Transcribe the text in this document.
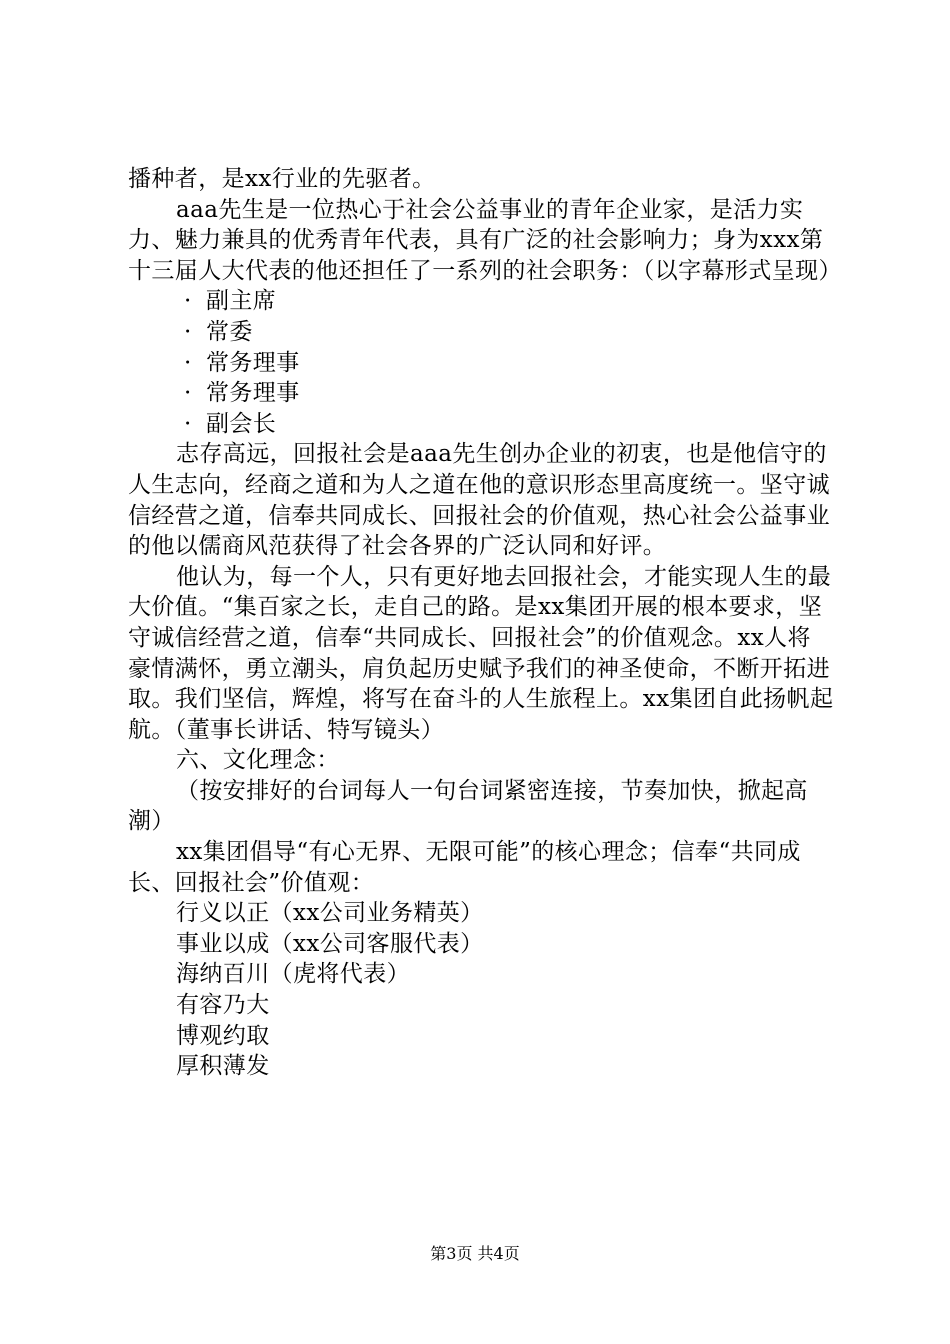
播种者，是xx行业的先驱者。

aaa先生是一位热心于社会公益事业的青年企业家，是活力实力、魅力兼具的优秀青年代表，具有广泛的社会影响力；身为xxx第十三届人大代表的他还担任了一系列的社会职务：（以字幕形式呈现）

· 副主席

· 常委

· 常务理事

· 常务理事

· 副会长

志存高远，回报社会是aaa先生创办企业的初衷，也是他信守的人生志向，经商之道和为人之道在他的意识形态里高度统一。坚守诚信经营之道，信奉共同成长、回报社会的价值观，热心社会公益事业的他以儒商风范获得了社会各界的广泛认同和好评。

他认为，每一个人，只有更好地去回报社会，才能实现人生的最大价值。“集百家之长，走自己的路。是xx集团开展的根本要求，坚守诚信经营之道，信奉“共同成长、回报社会”的价值观念。xx人将豪情满怀，勇立潮头，肩负起历史赋予我们的神圣使命，不断开拓进取。我们坚信，辉煌，将写在奋斗的人生旅程上。xx集团自此扬帆起航。（董事长讲话、特写镜头）

六、文化理念：

（按安排好的台词每人一句台词紧密连接，节奏加快，掀起高潮）

xx集团倡导“有心无界、无限可能”的核心理念；信奉“共同成长、回报社会”价值观：

行义以正（xx公司业务精英）

事业以成（xx公司客服代表）

海纳百川（虎将代表）

有容乃大

博观约取

厚积薄发

第3页 共4页
